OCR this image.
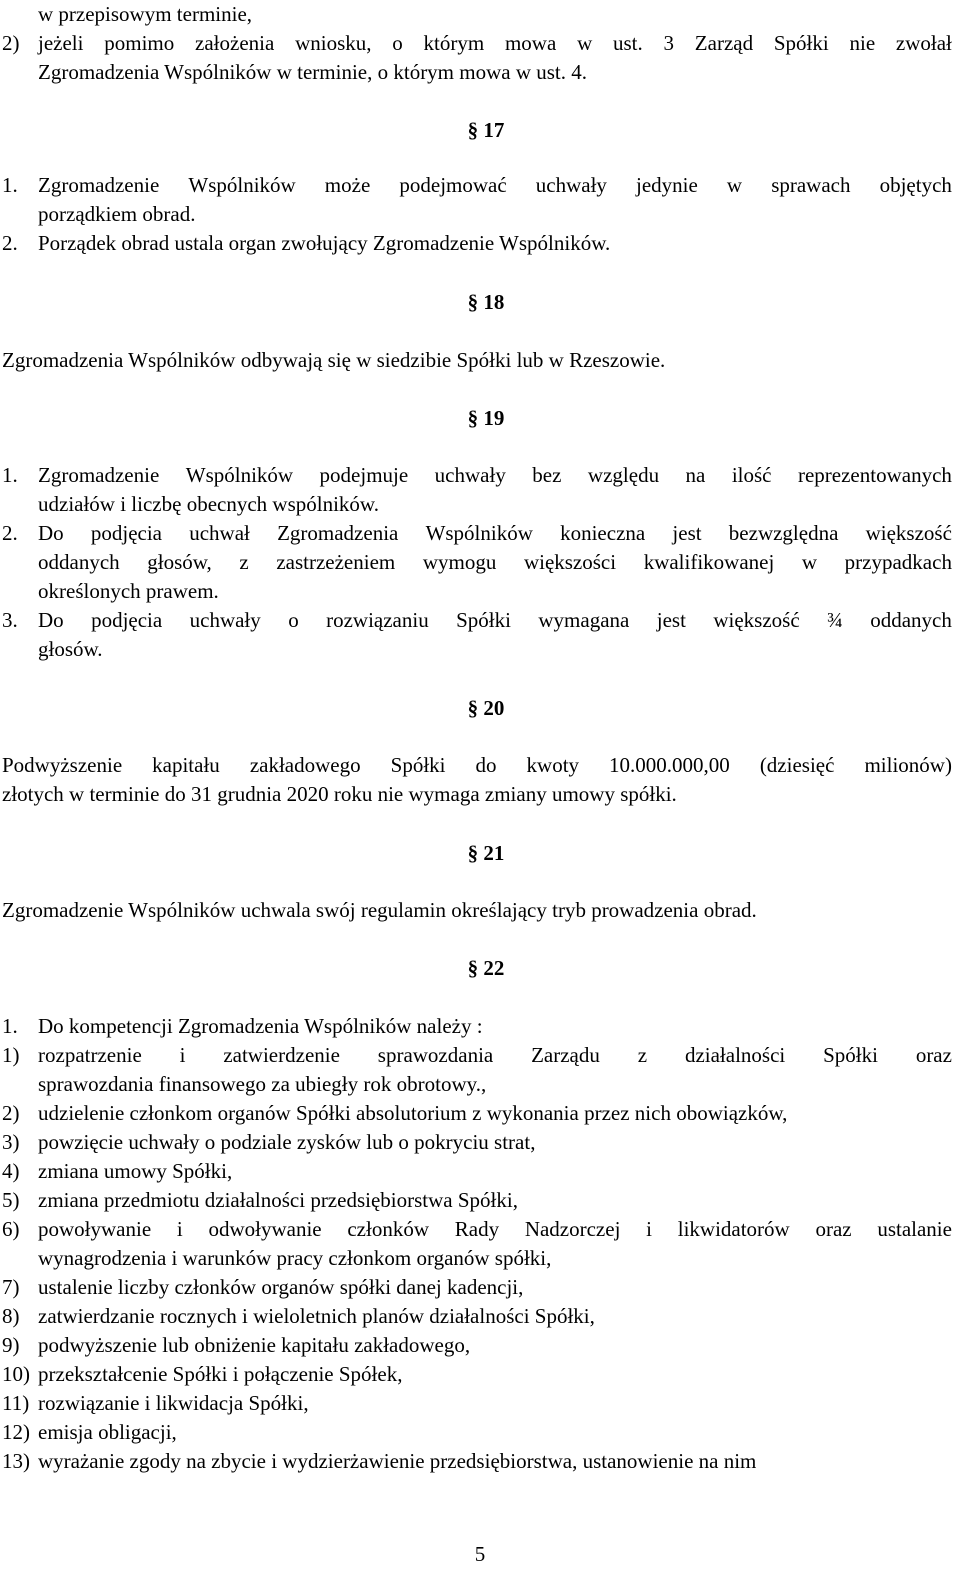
w przepisowym terminie,
2) jeżeli pomimo założenia wniosku, o którym mowa w ust. 3 Zarząd Spółki nie zwołał
Zgromadzenia Wspólników w terminie, o którym mowa w ust. 4.
§ 17
1. Zgromadzenie Wspólników może podejmować uchwały jedynie w sprawach objętych
porządkiem obrad.
2. Porządek obrad ustala organ zwołujący Zgromadzenie Wspólników.
§ 18
Zgromadzenia Wspólników odbywają się w siedzibie Spółki lub w Rzeszowie.
§ 19
1. Zgromadzenie Wspólników podejmuje uchwały bez względu na ilość reprezentowanych
udziałów i liczbę obecnych wspólników.
2. Do podjęcia uchwał Zgromadzenia Wspólników konieczna jest bezwzględna większość
oddanych głosów, z zastrzeżeniem wymogu większości kwalifikowanej w przypadkach
określonych prawem.
3. Do podjęcia uchwały o rozwiązaniu Spółki wymagana jest większość ¾ oddanych
głosów.
§ 20
Podwyższenie kapitału zakładowego Spółki do kwoty 10.000.000,00 (dziesięć milionów)
złotych w terminie do 31 grudnia 2020 roku nie wymaga zmiany umowy spółki.
§ 21
Zgromadzenie Wspólników uchwala swój regulamin określający tryb prowadzenia obrad.
§ 22
1. Do kompetencji Zgromadzenia Wspólników należy :
1) rozpatrzenie i zatwierdzenie sprawozdania Zarządu z działalności Spółki oraz
sprawozdania finansowego za ubiegły rok obrotowy.,
2) udzielenie członkom organów Spółki absolutorium z wykonania przez nich obowiązków,
3) powzięcie uchwały o podziale zysków lub o pokryciu strat,
4) zmiana umowy Spółki,
5) zmiana przedmiotu działalności przedsiębiorstwa Spółki,
6) powoływanie i odwoływanie członków Rady Nadzorczej i likwidatorów oraz ustalanie
wynagrodzenia i warunków pracy członkom organów spółki,
7) ustalenie liczby członków organów spółki danej kadencji,
8) zatwierdzanie rocznych i wieloletnich planów działalności Spółki,
9) podwyższenie lub obniżenie kapitału zakładowego,
10) przekształcenie Spółki i połączenie Spółek,
11) rozwiązanie i likwidacja Spółki,
12) emisja obligacji,
13) wyrażanie zgody na zbycie i wydzierżawienie przedsiębiorstwa, ustanowienie na nim
5
